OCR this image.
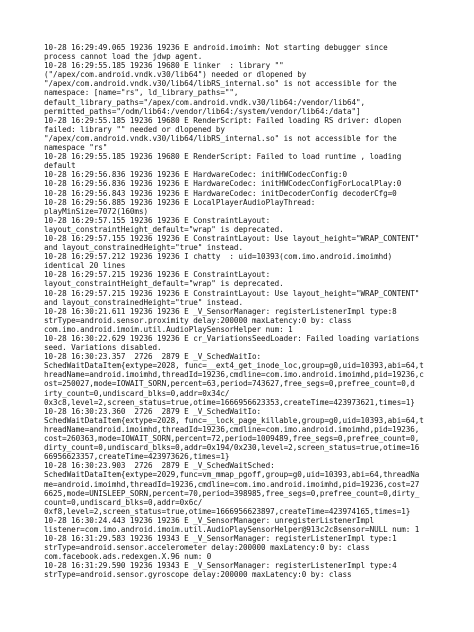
10-28 16:29:49.065 19236 19236 E android.imoimh: Not starting debugger since
process cannot load the jdwp agent.
10-28 16:29:55.185 19236 19680 E linker  : library ""
("/apex/com.android.vndk.v30/lib64") needed or dlopened by
"/apex/com.android.vndk.v30/lib64/libRS_internal.so" is not accessible for the
namespace: [name="rs", ld_library_paths="",
default_library_paths="/apex/com.android.vndk.v30/lib64:/vendor/lib64",
permitted_paths="/odm/lib64:/vendor/lib64:/system/vendor/lib64:/data"]
10-28 16:29:55.185 19236 19680 E RenderScript: Failed loading RS driver: dlopen
failed: library "" needed or dlopened by
"/apex/com.android.vndk.v30/lib64/libRS_internal.so" is not accessible for the
namespace "rs"
10-28 16:29:55.185 19236 19680 E RenderScript: Failed to load runtime , loading
default
10-28 16:29:56.836 19236 19236 E HardwareCodec: initHWCodecConfig:0
10-28 16:29:56.836 19236 19236 E HardwareCodec: initHWCodecConfigForLocalPlay:0
10-28 16:29:56.843 19236 19236 E HardwareCodec: initDecoderConfig decoderCfg=0
10-28 16:29:56.885 19236 19236 E LocalPlayerAudioPlayThread:
playMinSize=7072(160ms)
10-28 16:29:57.155 19236 19236 E ConstraintLayout:
layout_constraintHeight_default="wrap" is deprecated.
10-28 16:29:57.155 19236 19236 E ConstraintLayout: Use layout_height="WRAP_CONTENT"
and layout_constrainedHeight="true" instead.
10-28 16:29:57.212 19236 19236 I chatty  : uid=10393(com.imo.android.imoimhd)
identical 20 lines
10-28 16:29:57.215 19236 19236 E ConstraintLayout:
layout_constraintHeight_default="wrap" is deprecated.
10-28 16:29:57.215 19236 19236 E ConstraintLayout: Use layout_height="WRAP_CONTENT"
and layout_constrainedHeight="true" instead.
10-28 16:30:21.611 19236 19236 E _V_SensorManager: registerListenerImpl type:8
strType=android.sensor.proximity delay:200000 maxLatency:0 by: class
com.imo.android.imoim.util.AudioPlaySensorHelper num: 1
10-28 16:30:22.629 19236 19236 E cr_VariationsSeedLoader: Failed loading variations
seed. Variations disabled.
10-28 16:30:23.357  2726  2879 E _V_SchedWaitIo:
SchedWaitDataItem{extype=2028, func=__ext4_get_inode_loc,group=g0,uid=10393,abi=64,t
hreadName=android.imoimhd,threadId=19236,cmdline=com.imo.android.imoimhd,pid=19236,c
ost=250027,mode=IOWAIT_SORN,percent=63,period=743627,free_segs=0,prefree_count=0,d
irty_count=0,undiscard_blks=0,addr=0x34c/
0x3c8,level=2,screen_status=true,otime=1666956623353,createTime=423973621,times=1}
10-28 16:30:23.360  2726  2879 E _V_SchedWaitIo:
SchedWaitDataItem{extype=2028, func=__lock_page_killable,group=g0,uid=10393,abi=64,t
hreadName=android.imoimhd,threadId=19236,cmdline=com.imo.android.imoimhd,pid=19236,
cost=260363,mode=IOWAIT_SORN,percent=72,period=1009489,free_segs=0,prefree_count=0,
dirty_count=0,undiscard_blks=0,addr=0x194/0x230,level=2,screen_status=true,otime=16
66956623357,createTime=423973626,times=1}
10-28 16:30:23.903  2726  2879 E _V_SchedWaitSched:
SchedWaitDataItem{extype=2029,func=vm_mmap_pgoff,group=g0,uid=10393,abi=64,threadNa
me=android.imoimhd,threadId=19236,cmdline=com.imo.android.imoimhd,pid=19236,cost=27
6625,mode=UNISLEEP_SORN,percent=70,period=398985,free_segs=0,prefree_count=0,dirty_
count=0,undiscard_blks=0,addr=0x6c/
0xf8,level=2,screen_status=true,otime=1666956623897,createTime=423974165,times=1}
10-28 16:30:24.443 19236 19236 E _V_SensorManager: unregisterListenerImpl
listener=com.imo.android.imoim.util.AudioPlaySensorHelper@913c2c8sensor=NULL num: 1
10-28 16:31:29.583 19236 19343 E _V_SensorManager: registerListenerImpl type:1
strType=android.sensor.accelerometer delay:200000 maxLatency:0 by: class
com.facebook.ads.redexgen.X.96 num: 0
10-28 16:31:29.590 19236 19343 E _V_SensorManager: registerListenerImpl type:4
strType=android.sensor.gyroscope delay:200000 maxLatency:0 by: class
